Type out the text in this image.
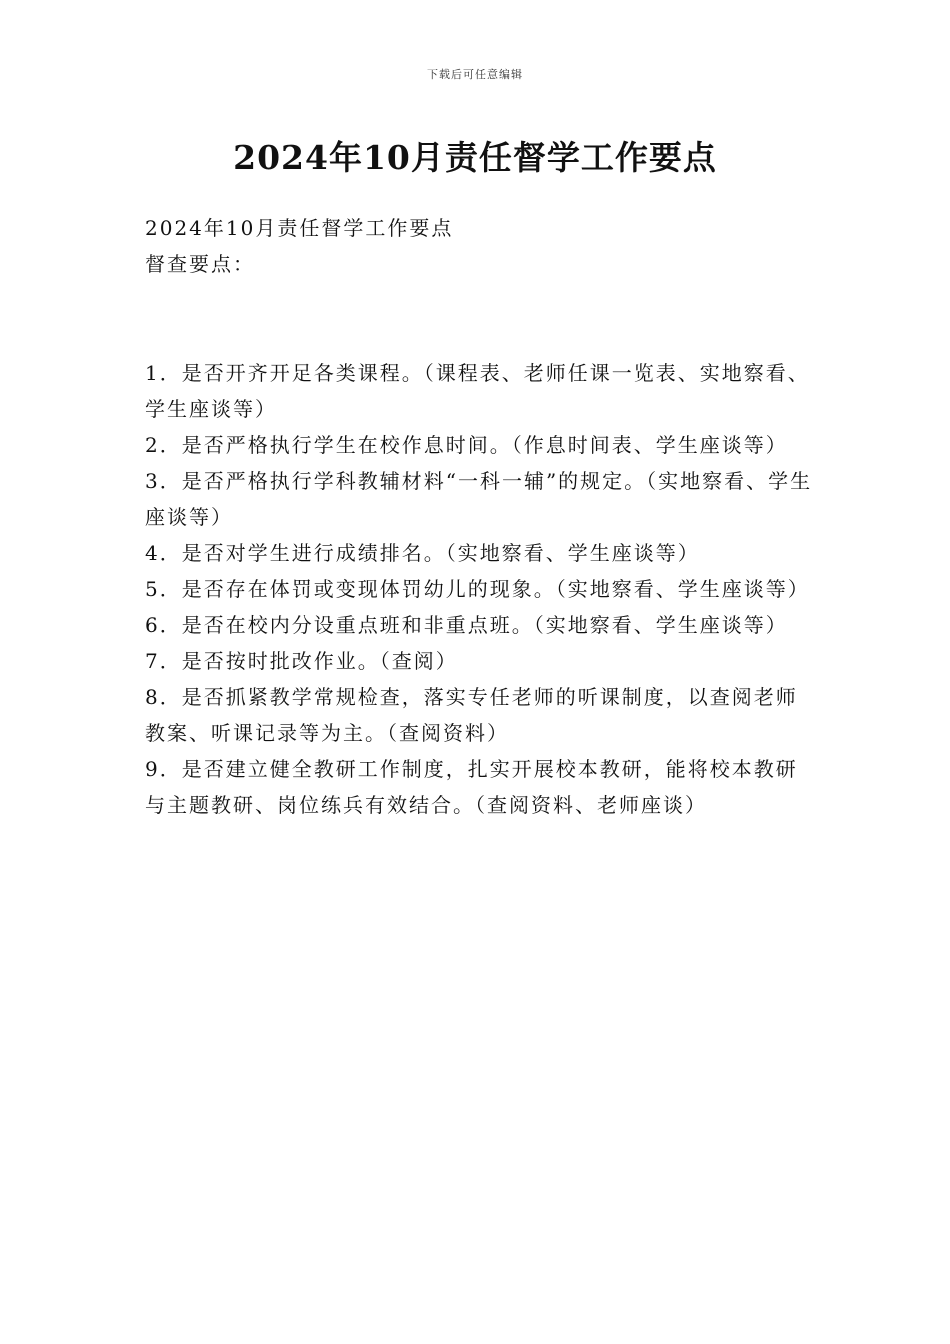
下载后可任意编辑
2024年10月责任督学工作要点
2024年10月责任督学工作要点
督查要点：
1．是否开齐开足各类课程。（课程表、老师任课一览表、实地察看、学生座谈等）
2．是否严格执行学生在校作息时间。（作息时间表、学生座谈等）
3．是否严格执行学科教辅材料“一科一辅”的规定。（实地察看、学生座谈等）
4．是否对学生进行成绩排名。（实地察看、学生座谈等）
5．是否存在体罚或变现体罚幼儿的现象。（实地察看、学生座谈等）
6．是否在校内分设重点班和非重点班。（实地察看、学生座谈等）
7．是否按时批改作业。（查阅）
8．是否抓紧教学常规检查，落实专任老师的听课制度，以查阅老师教案、听课记录等为主。（查阅资料）
9．是否建立健全教研工作制度，扎实开展校本教研，能将校本教研与主题教研、岗位练兵有效结合。（查阅资料、老师座谈）
